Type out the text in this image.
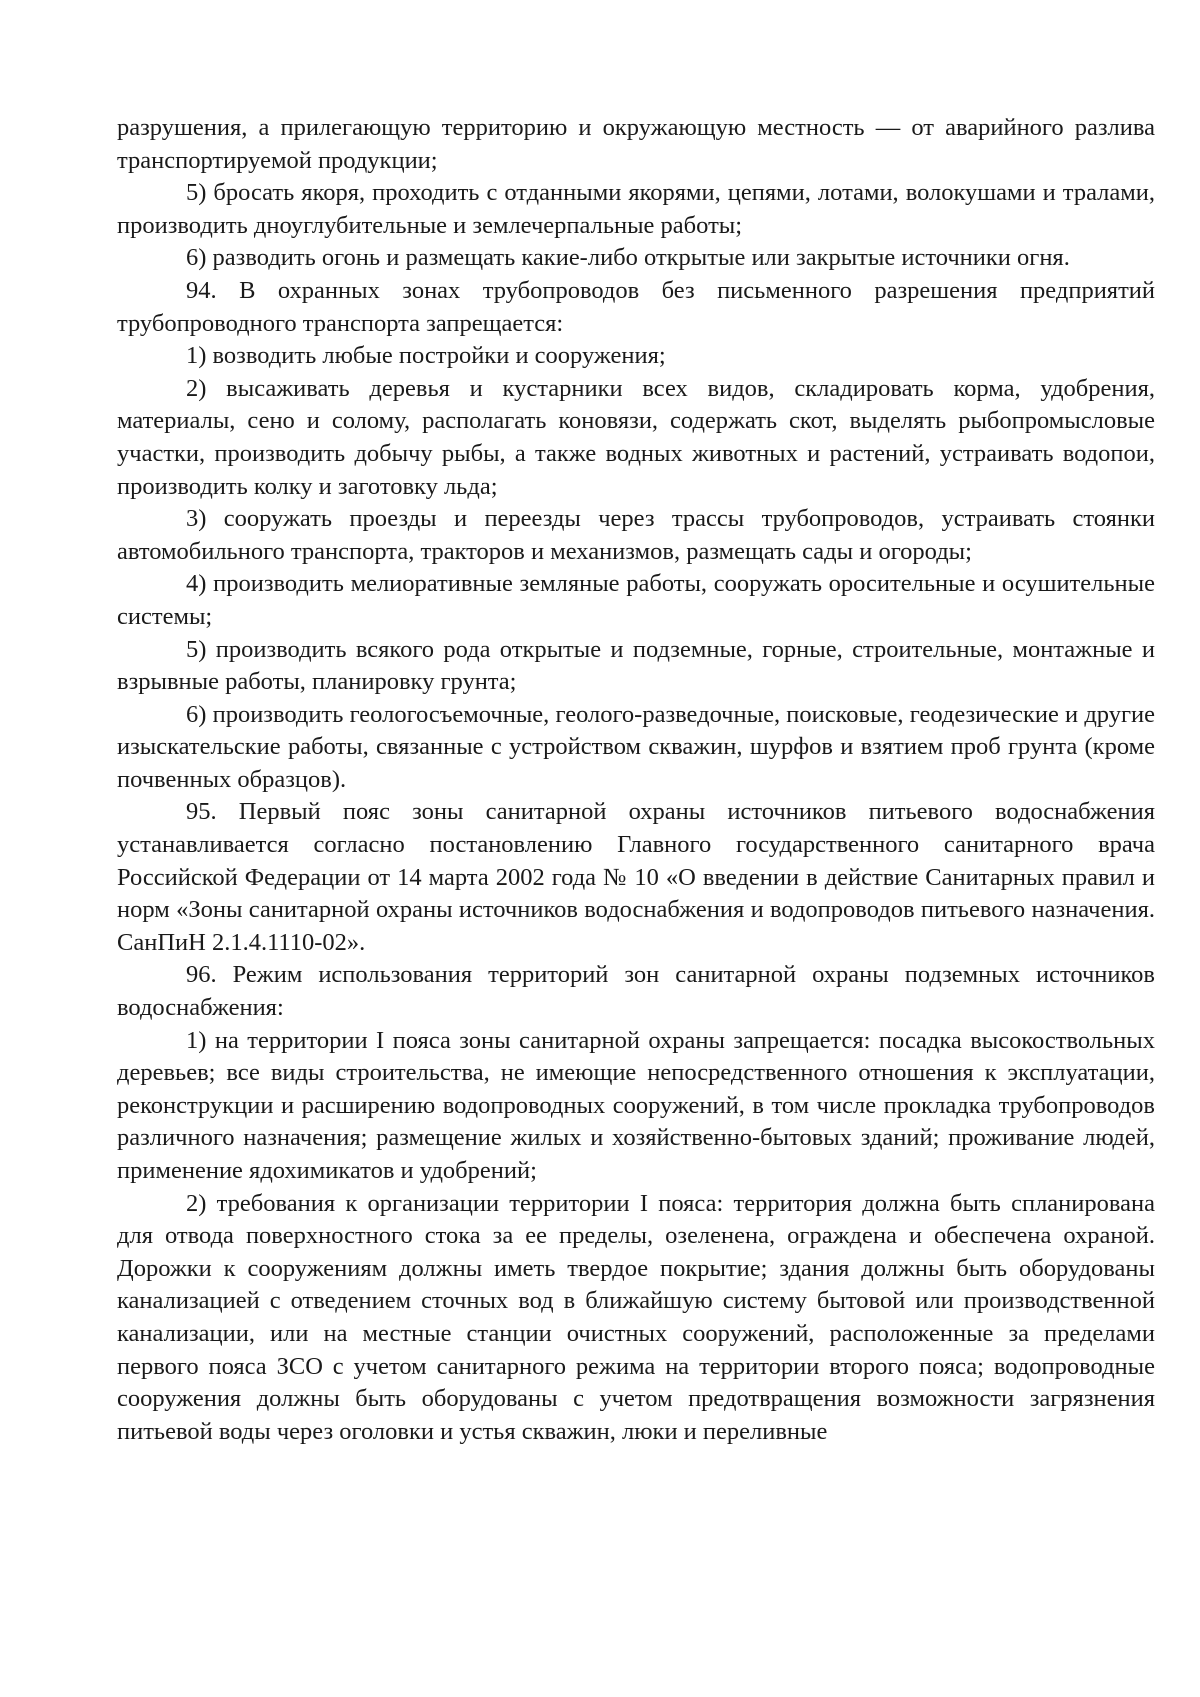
разрушения, а прилегающую территорию и окружающую местность — от аварийного разлива транспортируемой продукции;

5) бросать якоря, проходить с отданными якорями, цепями, лотами, волокушами и тралами, производить дноуглубительные и землечерпальные работы;

6) разводить огонь и размещать какие-либо открытые или закрытые источники огня.

94. В охранных зонах трубопроводов без письменного разрешения предприятий трубопроводного транспорта запрещается:

1) возводить любые постройки и сооружения;

2) высаживать деревья и кустарники всех видов, складировать корма, удобрения, материалы, сено и солому, располагать коновязи, содержать скот, выделять рыбопромысловые участки, производить добычу рыбы, а также водных животных и растений, устраивать водопои, производить колку и заготовку льда;

3) сооружать проезды и переезды через трассы трубопроводов, устраивать стоянки автомобильного транспорта, тракторов и механизмов, размещать сады и огороды;

4) производить мелиоративные земляные работы, сооружать оросительные и осушительные системы;

5) производить всякого рода открытые и подземные, горные, строительные, монтажные и взрывные работы, планировку грунта;

6) производить геологосъемочные, геолого-разведочные, поисковые, геодезические и другие изыскательские работы, связанные с устройством скважин, шурфов и взятием проб грунта (кроме почвенных образцов).

95. Первый пояс зоны санитарной охраны источников питьевого водоснабжения устанавливается согласно постановлению Главного государственного санитарного врача Российской Федерации от 14 марта 2002 года № 10 «О введении в действие Санитарных правил и норм «Зоны санитарной охраны источников водоснабжения и водопроводов питьевого назначения. СанПиН 2.1.4.1110-02».

96. Режим использования территорий зон санитарной охраны подземных источников водоснабжения:

1) на территории I пояса зоны санитарной охраны запрещается: посадка высокоствольных деревьев; все виды строительства, не имеющие непосредственного отношения к эксплуатации, реконструкции и расширению водопроводных сооружений, в том числе прокладка трубопроводов различного назначения; размещение жилых и хозяйственно-бытовых зданий; проживание людей, применение ядохимикатов и удобрений;

2) требования к организации территории I пояса: территория должна быть спланирована для отвода поверхностного стока за ее пределы, озеленена, ограждена и обеспечена охраной. Дорожки к сооружениям должны иметь твердое покрытие; здания должны быть оборудованы канализацией с отведением сточных вод в ближайшую систему бытовой или производственной канализации, или на местные станции очистных сооружений, расположенные за пределами первого пояса ЗСО с учетом санитарного режима на территории второго пояса; водопроводные сооружения должны быть оборудованы с учетом предотвращения возможности загрязнения питьевой воды через оголовки и устья скважин, люки и переливные
